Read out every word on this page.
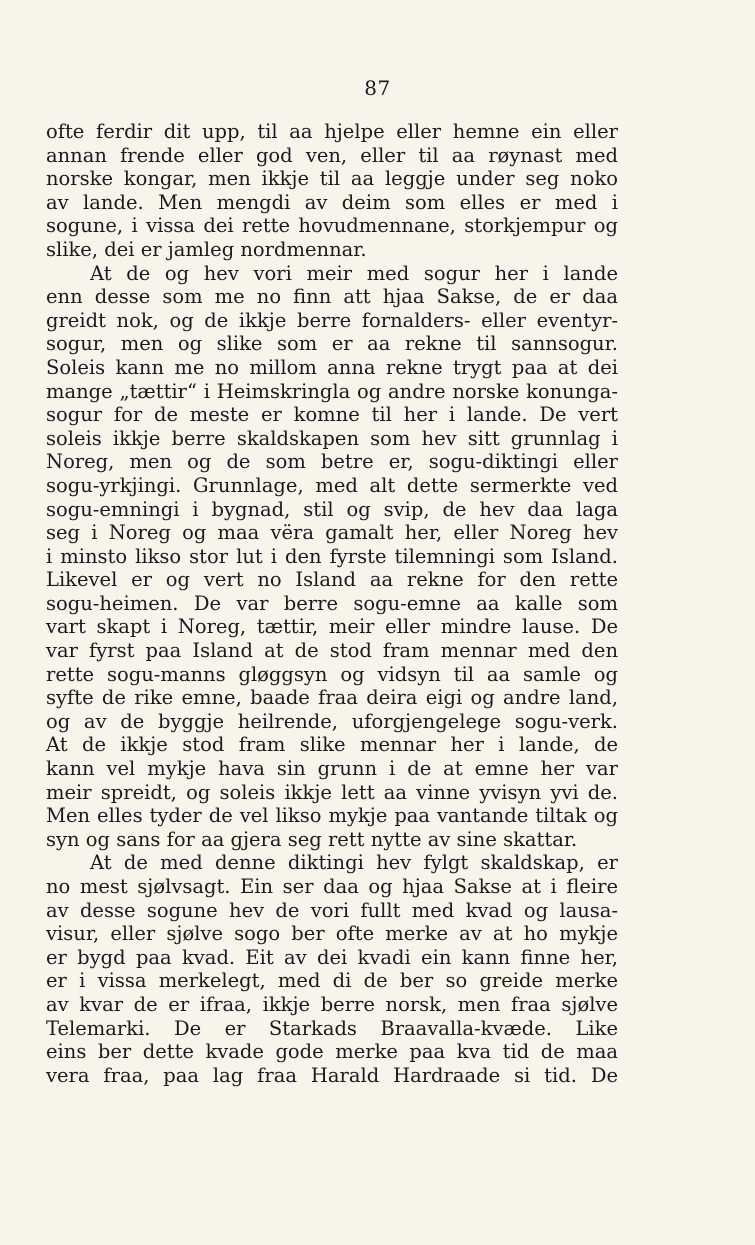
87
ofte ferdir dit upp, til aa hjelpe eller hemne ein eller
annan frende eller god ven, eller til aa røynast med
norske kongar, men ikkje til aa leggje under seg noko
av lande. Men mengdi av deim som elles er med i
sogune, i vissa dei rette hovudmennane, storkjempur og
slike, dei er jamleg nordmennar.
At de og hev vori meir med sogur her i lande
enn desse som me no finn att hjaa Sakse, de er daa
greidt nok, og de ikkje berre fornalders- eller eventyr-
sogur, men og slike som er aa rekne til sannsogur.
Soleis kann me no millom anna rekne trygt paa at dei
mange „tættir“ i Heimskringla og andre norske konunga-
sogur for de meste er komne til her i lande. De vert
soleis ikkje berre skaldskapen som hev sitt grunnlag i
Noreg, men og de som betre er, sogu-diktingi eller
sogu-yrkjingi. Grunnlage, med alt dette sermerkte ved
sogu-emningi i bygnad, stil og svip, de hev daa laga
seg i Noreg og maa vëra gamalt her, eller Noreg hev
i minsto likso stor lut i den fyrste tilemningi som Island.
Likevel er og vert no Island aa rekne for den rette
sogu-heimen. De var berre sogu-emne aa kalle som
vart skapt i Noreg, tættir, meir eller mindre lause. De
var fyrst paa Island at de stod fram mennar med den
rette sogu-manns gløggsyn og vidsyn til aa samle og
syfte de rike emne, baade fraa deira eigi og andre land,
og av de byggje heilrende, uforgjengelege sogu-verk.
At de ikkje stod fram slike mennar her i lande, de
kann vel mykje hava sin grunn i de at emne her var
meir spreidt, og soleis ikkje lett aa vinne yvisyn yvi de.
Men elles tyder de vel likso mykje paa vantande tiltak og
syn og sans for aa gjera seg rett nytte av sine skattar.
At de med denne diktingi hev fylgt skaldskap, er
no mest sjølvsagt. Ein ser daa og hjaa Sakse at i fleire
av desse sogune hev de vori fullt med kvad og lausa-
visur, eller sjølve sogo ber ofte merke av at ho mykje
er bygd paa kvad. Eit av dei kvadi ein kann finne her,
er i vissa merkelegt, med di de ber so greide merke
av kvar de er ifraa, ikkje berre norsk, men fraa sjølve
Telemarki. De er Starkads Braavalla-kvæde. Like
eins ber dette kvade gode merke paa kva tid de maa
vera fraa, paa lag fraa Harald Hardraade si tid. De
